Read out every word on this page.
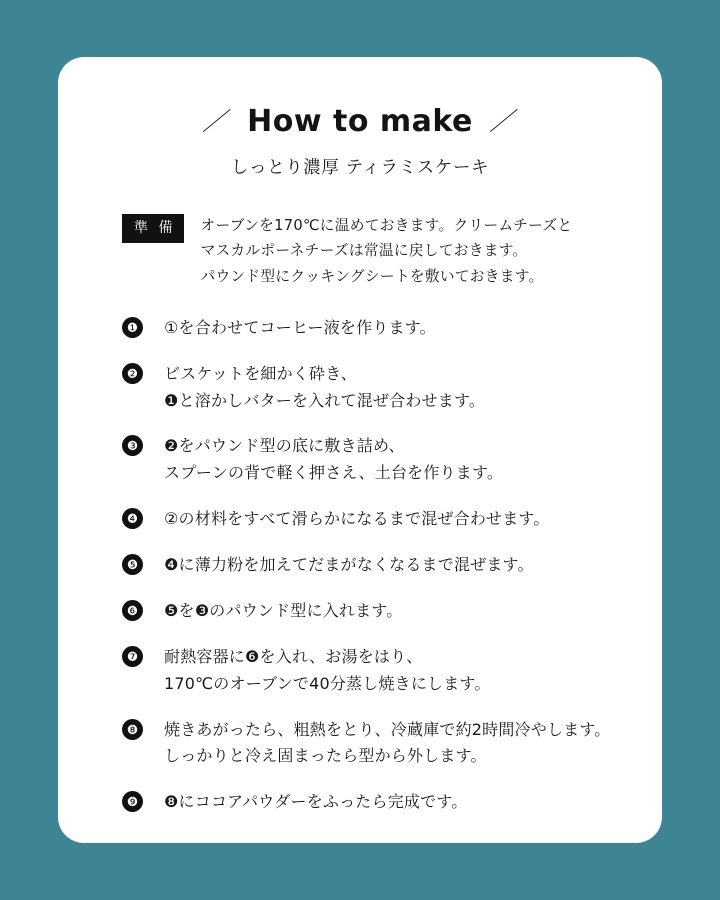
／ How to make ／
しっとり濃厚 ティラミスケーキ
準 備	オーブンを170℃に温めておきます。クリームチーズと
マスカルポーネチーズは常温に戻しておきます。
パウンド型にクッキングシートを敷いておきます。
❶	①を合わせてコーヒー液を作ります。
❷	ビスケットを細かく砕き、
❶と溶かしバターを入れて混ぜ合わせます。
❸	❷をパウンド型の底に敷き詰め、
スプーンの背で軽く押さえ、土台を作ります。
❹	②の材料をすべて滑らかになるまで混ぜ合わせます。
❺	❹に薄力粉を加えてだまがなくなるまで混ぜます。
❻	❺を❸のパウンド型に入れます。
❼	耐熱容器に❻を入れ、お湯をはり、
170℃のオーブンで40分蒸し焼きにします。
❽	焼きあがったら、粗熱をとり、冷蔵庫で約2時間冷やします。
しっかりと冷え固まったら型から外します。
❾	❽にココアパウダーをふったら完成です。
